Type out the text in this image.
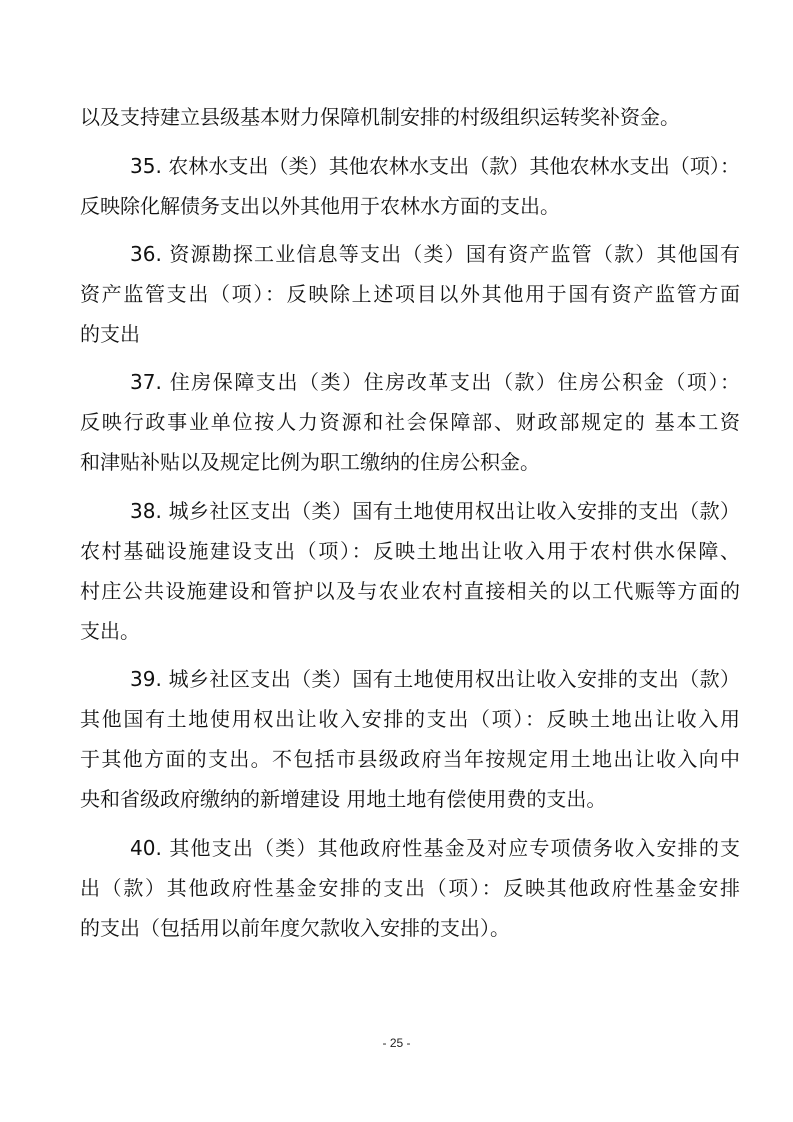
以及支持建立县级基本财力保障机制安排的村级组织运转奖补资金。
35. 农林水支出（类）其他农林水支出（款）其他农林水支出（项）：
反映除化解债务支出以外其他用于农林水方面的支出。
36. 资源勘探工业信息等支出（类）国有资产监管（款）其他国有
资产监管支出（项）：反映除上述项目以外其他用于国有资产监管方面
的支出
37. 住房保障支出（类）住房改革支出（款）住房公积金（项）：
反映行政事业单位按人力资源和社会保障部、财政部规定的 基本工资
和津贴补贴以及规定比例为职工缴纳的住房公积金。
38. 城乡社区支出（类）国有土地使用权出让收入安排的支出（款）
农村基础设施建设支出（项）：反映土地出让收入用于农村供水保障、
村庄公共设施建设和管护以及与农业农村直接相关的以工代赈等方面的
支出。
39. 城乡社区支出（类）国有土地使用权出让收入安排的支出（款）
其他国有土地使用权出让收入安排的支出（项）：反映土地出让收入用
于其他方面的支出。不包括市县级政府当年按规定用土地出让收入向中
央和省级政府缴纳的新增建设 用地土地有偿使用费的支出。
40. 其他支出（类）其他政府性基金及对应专项债务收入安排的支
出（款）其他政府性基金安排的支出（项）：反映其他政府性基金安排
的支出（包括用以前年度欠款收入安排的支出）。
- 25 -
